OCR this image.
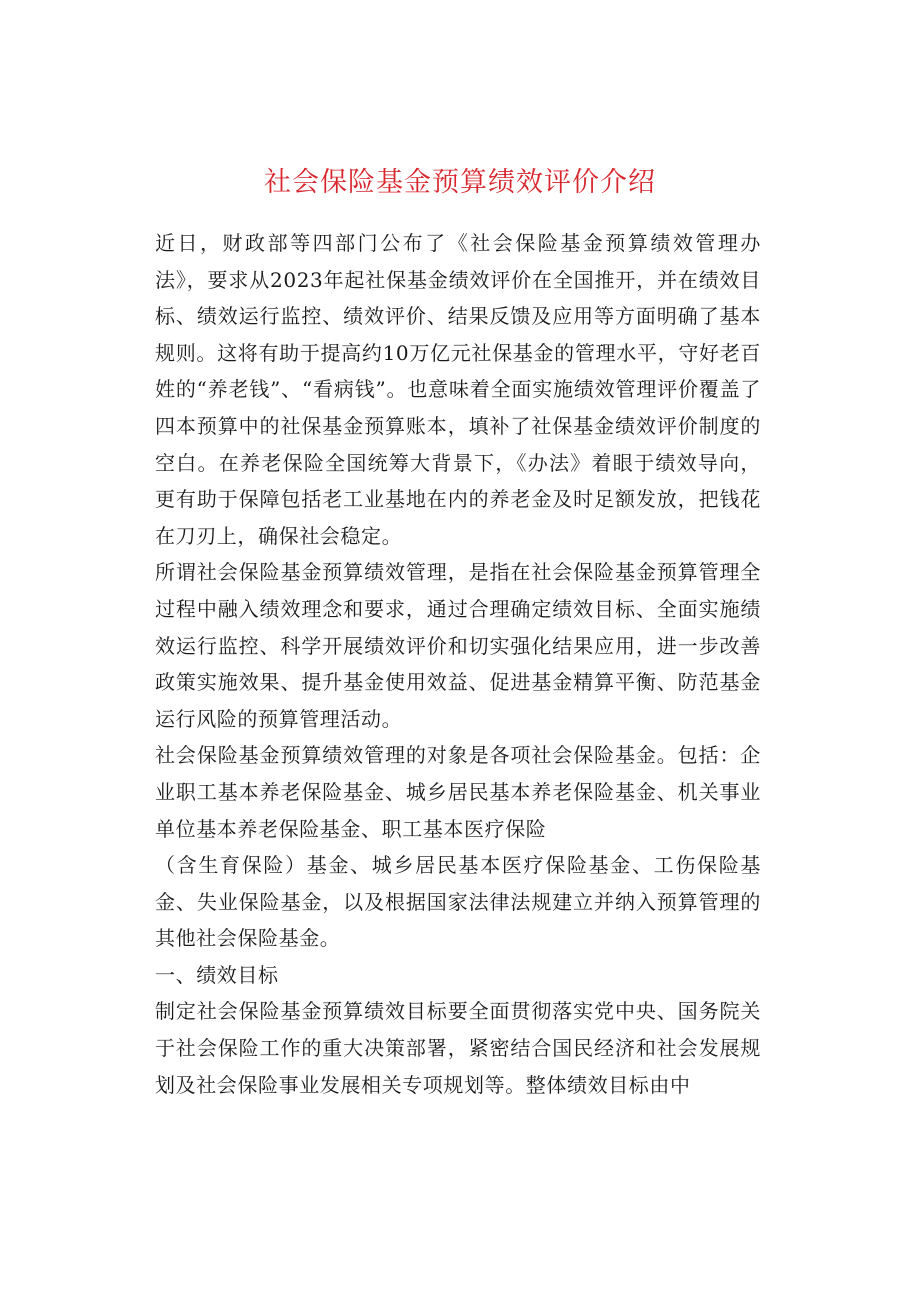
社会保险基金预算绩效评价介绍

近日，财政部等四部门公布了《社会保险基金预算绩效管理办法》，要求从2023年起社保基金绩效评价在全国推开，并在绩效目标、绩效运行监控、绩效评价、结果反馈及应用等方面明确了基本规则。这将有助于提高约10万亿元社保基金的管理水平，守好老百姓的“养老钱”、“看病钱”。也意味着全面实施绩效管理评价覆盖了四本预算中的社保基金预算账本，填补了社保基金绩效评价制度的空白。在养老保险全国统筹大背景下，《办法》着眼于绩效导向，更有助于保障包括老工业基地在内的养老金及时足额发放，把钱花在刀刃上，确保社会稳定。

所谓社会保险基金预算绩效管理，是指在社会保险基金预算管理全过程中融入绩效理念和要求，通过合理确定绩效目标、全面实施绩效运行监控、科学开展绩效评价和切实强化结果应用，进一步改善政策实施效果、提升基金使用效益、促进基金精算平衡、防范基金运行风险的预算管理活动。

社会保险基金预算绩效管理的对象是各项社会保险基金。包括：企业职工基本养老保险基金、城乡居民基本养老保险基金、机关事业单位基本养老保险基金、职工基本医疗保险

（含生育保险）基金、城乡居民基本医疗保险基金、工伤保险基金、失业保险基金，以及根据国家法律法规建立并纳入预算管理的其他社会保险基金。

一、绩效目标

制定社会保险基金预算绩效目标要全面贯彻落实党中央、国务院关于社会保险工作的重大决策部署，紧密结合国民经济和社会发展规划及社会保险事业发展相关专项规划等。整体绩效目标由中
